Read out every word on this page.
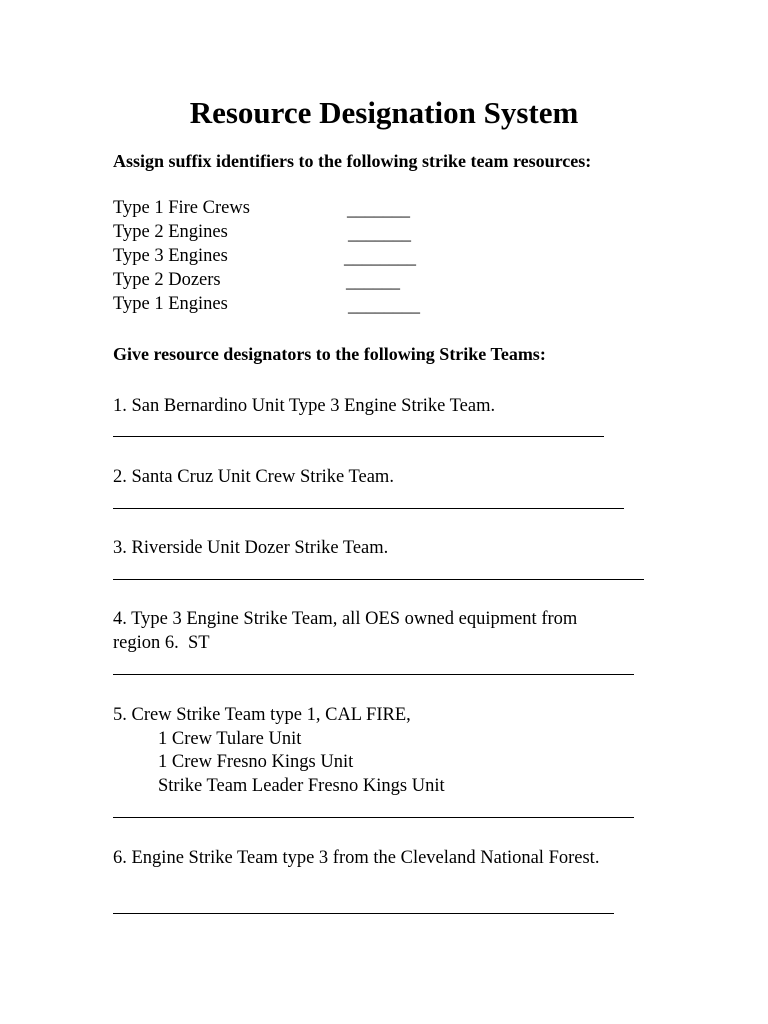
Resource Designation System
Assign suffix identifiers to the following strike team resources:
Type 1 Fire Crews	_______
Type 2 Engines	_______
Type 3 Engines	________
Type 2 Dozers	______
Type 1 Engines	________
Give resource designators to the following Strike Teams:
1. San Bernardino Unit Type 3 Engine Strike Team.
2. Santa Cruz Unit Crew Strike Team.
3. Riverside Unit Dozer Strike Team.
4. Type 3 Engine Strike Team, all OES owned equipment from
region 6.  ST
5. Crew Strike Team type 1, CAL FIRE,
1 Crew Tulare Unit
1 Crew Fresno Kings Unit
Strike Team Leader Fresno Kings Unit
6. Engine Strike Team type 3 from the Cleveland National Forest.
